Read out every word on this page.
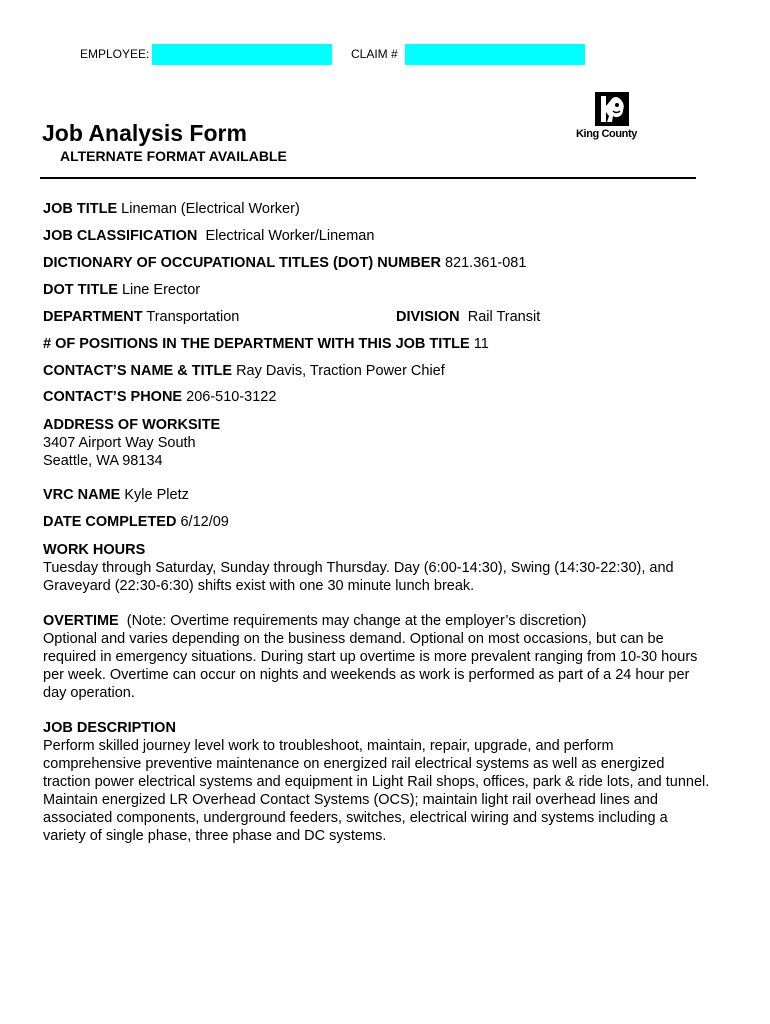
EMPLOYEE:	CLAIM #
King County
Job Analysis Form
ALTERNATE FORMAT AVAILABLE
JOB TITLE Lineman (Electrical Worker)
JOB CLASSIFICATION Electrical Worker/Lineman
DICTIONARY OF OCCUPATIONAL TITLES (DOT) NUMBER 821.361-081
DOT TITLE Line Erector
DEPARTMENT Transportation	DIVISION Rail Transit
# OF POSITIONS IN THE DEPARTMENT WITH THIS JOB TITLE 11
CONTACT’S NAME & TITLE Ray Davis, Traction Power Chief
CONTACT’S PHONE 206-510-3122

ADDRESS OF WORKSITE

3407 Airport Way South

Seattle, WA 98134

VRC NAME Kyle Pletz
DATE COMPLETED 6/12/09

WORK HOURS

Tuesday through Saturday, Sunday through Thursday. Day (6:00-14:30), Swing (14:30-22:30), and Graveyard (22:30-6:30) shifts exist with one 30 minute lunch break.

OVERTIME (Note: Overtime requirements may change at the employer’s discretion)

Optional and varies depending on the business demand. Optional on most occasions, but can be required in emergency situations. During start up overtime is more prevalent ranging from 10-30 hours per week. Overtime can occur on nights and weekends as work is performed as part of a 24 hour per day operation.

JOB DESCRIPTION

Perform skilled journey level work to troubleshoot, maintain, repair, upgrade, and perform comprehensive preventive maintenance on energized rail electrical systems as well as energized traction power electrical systems and equipment in Light Rail shops, offices, park & ride lots, and tunnel. Maintain energized LR Overhead Contact Systems (OCS); maintain light rail overhead lines and associated components, underground feeders, switches, electrical wiring and systems including a variety of single phase, three phase and DC systems.
